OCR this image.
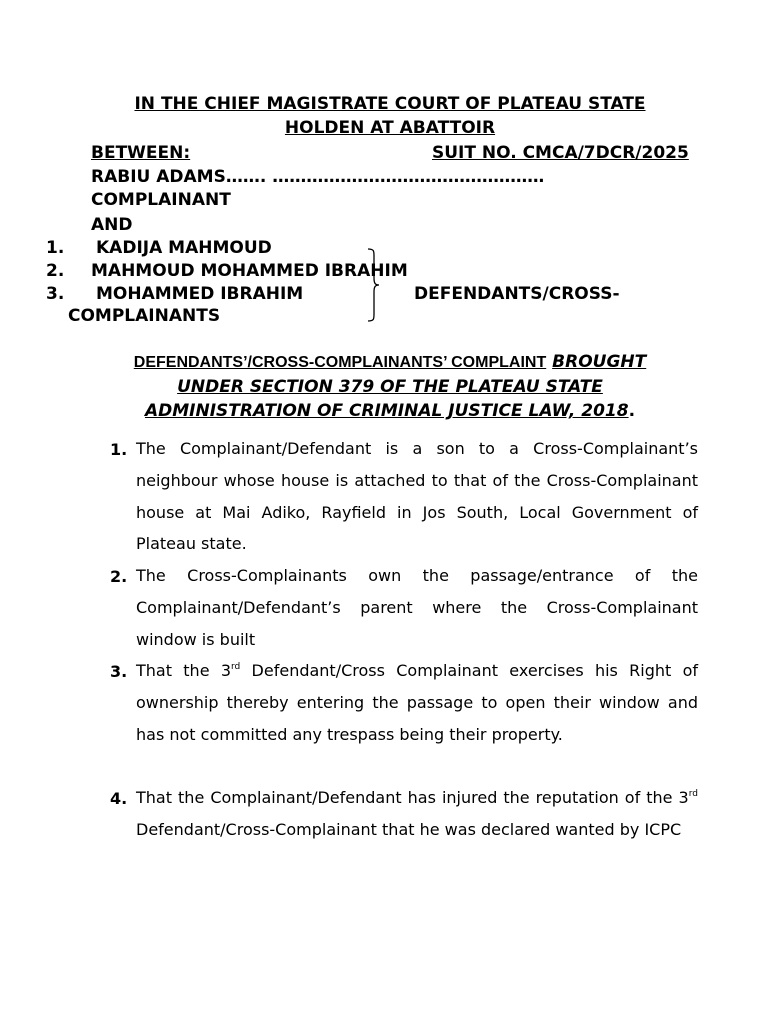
IN THE CHIEF MAGISTRATE COURT OF PLATEAU STATE
HOLDEN AT ABATTOIR
BETWEEN:	SUIT NO. CMCA/7DCR/2025
RABIU ADAMS……. …………………………………………
COMPLAINANT
AND
1. KADIJA MAHMOUD
2. MAHMOUD MOHAMMED IBRAHIM
3. MOHAMMED IBRAHIM	DEFENDANTS/CROSS-
COMPLAINANTS
DEFENDANTS’/CROSS-COMPLAINANTS’ COMPLAINT BROUGHT
UNDER SECTION 379 OF THE PLATEAU STATE
ADMINISTRATION OF CRIMINAL JUSTICE LAW, 2018.
1. The Complainant/Defendant is a son to a Cross-Complainant’s neighbour whose house is attached to that of the Cross-Complainant house at Mai Adiko, Rayfield in Jos South, Local Government of Plateau state.
2. The Cross-Complainants own the passage/entrance of the Complainant/Defendant’s parent where the Cross-Complainant window is built
3. That the 3rd Defendant/Cross Complainant exercises his Right of ownership thereby entering the passage to open their window and has not committed any trespass being their property.
4. That the Complainant/Defendant has injured the reputation of the 3rd Defendant/Cross-Complainant that he was declared wanted by ICPC
